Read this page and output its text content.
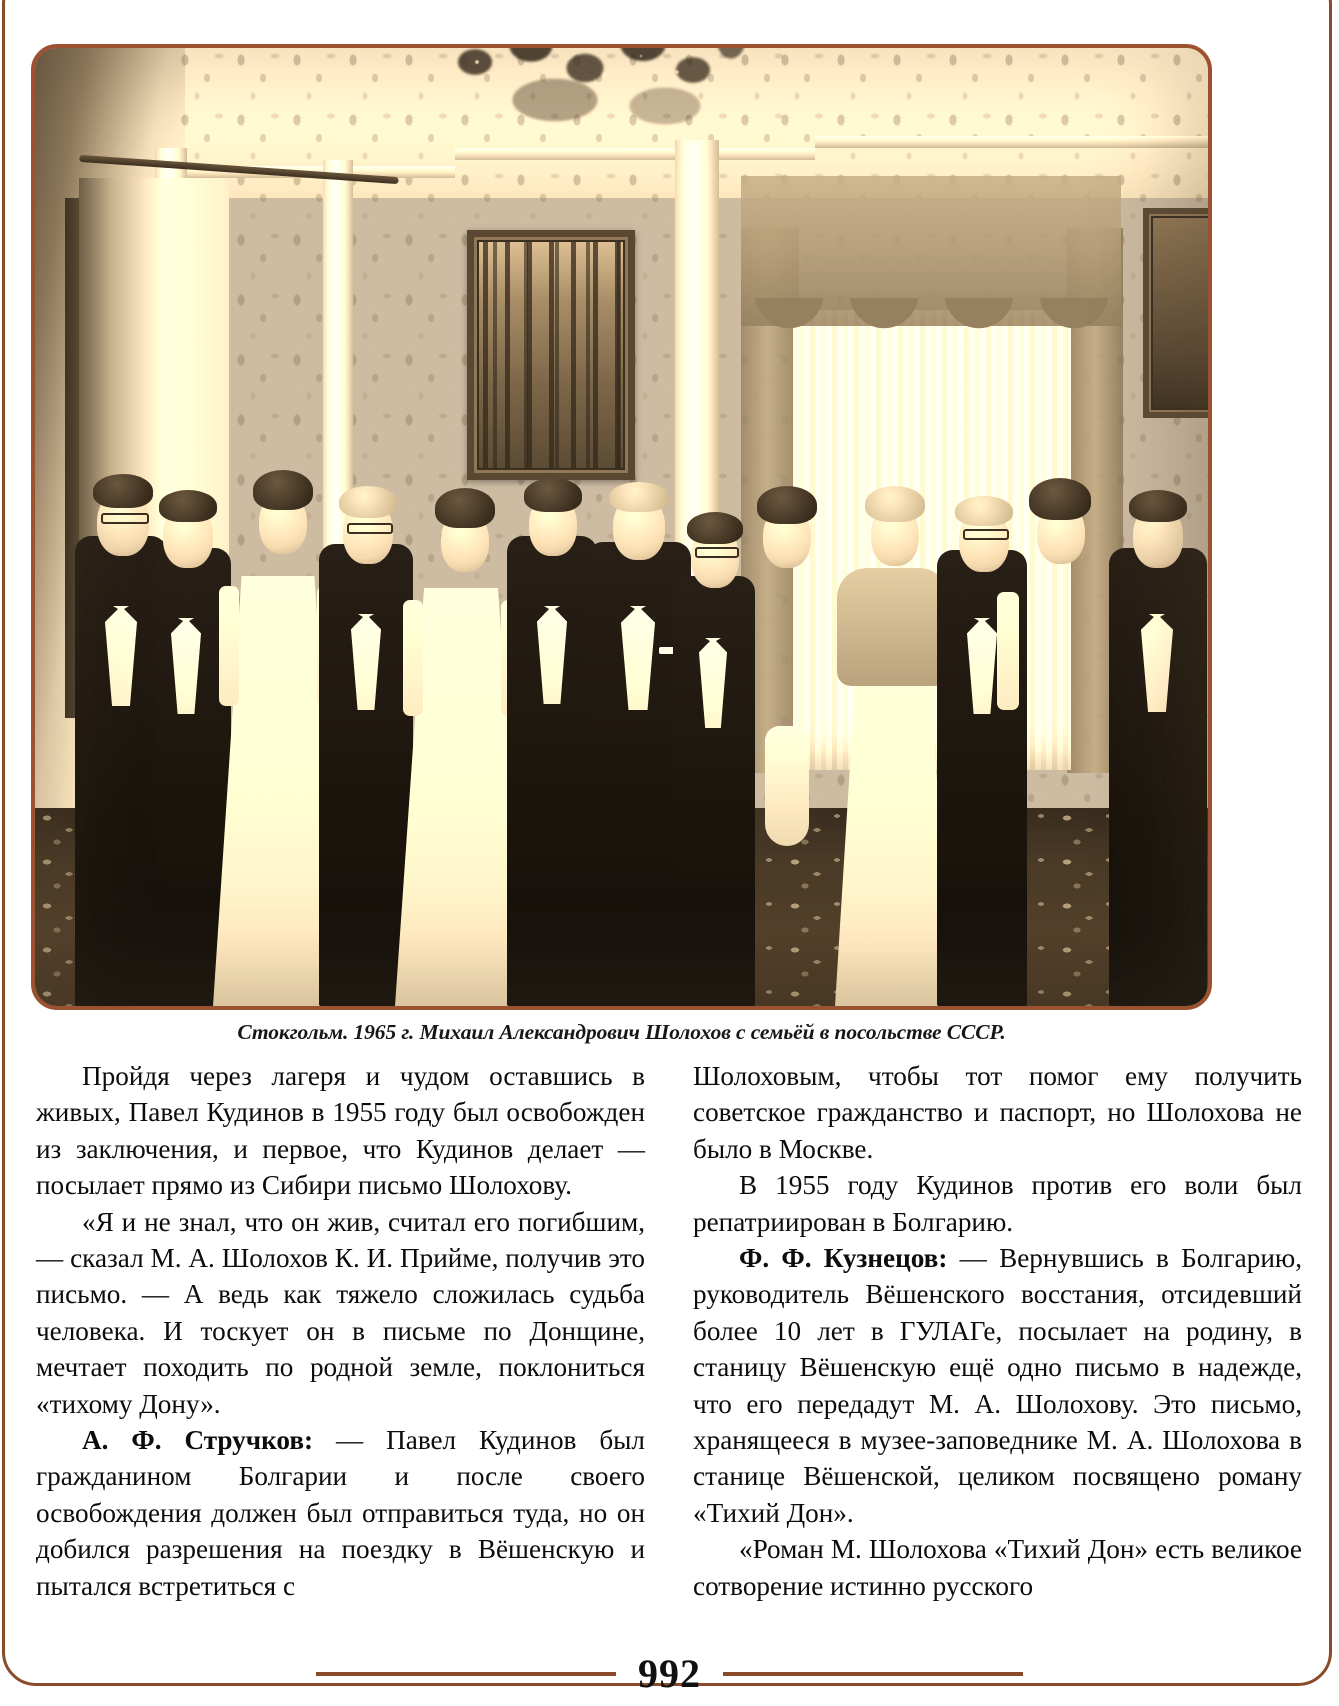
Стокгольм. 1965 г. Михаил Александрович Шолохов с семьёй в посольстве СССР.

Пройдя через лагеря и чудом оставшись в живых, Павел Кудинов в 1955 году был освобожден из заключения, и первое, что Кудинов делает — посылает прямо из Сибири письмо Шолохову.

«Я и не знал, что он жив, считал его погибшим, — сказал М. А. Шолохов К. И. Прийме, получив это письмо. — А ведь как тяжело сложилась судьба человека. И тоскует он в письме по Донщине, мечтает походить по родной земле, поклониться «тихому Дону».

А. Ф. Стручков: — Павел Кудинов был гражданином Болгарии и после своего освобождения должен был отправиться туда, но он добился разрешения на поездку в Вёшенскую и пытался встретиться с

Шолоховым, чтобы тот помог ему получить советское гражданство и паспорт, но Шолохова не было в Москве.

В 1955 году Кудинов против его воли был репатриирован в Болгарию.

Ф. Ф. Кузнецов: — Вернувшись в Болгарию, руководитель Вёшенского восстания, отсидевший более 10 лет в ГУЛАГе, посылает на родину, в станицу Вёшенскую ещё одно письмо в надежде, что его передадут М. А. Шолохову. Это письмо, хранящееся в музее-заповеднике М. А. Шолохова в станице Вёшенской, целиком посвящено роману «Тихий Дон».

«Роман М. Шолохова «Тихий Дон» есть великое сотворение истинно русского

992
